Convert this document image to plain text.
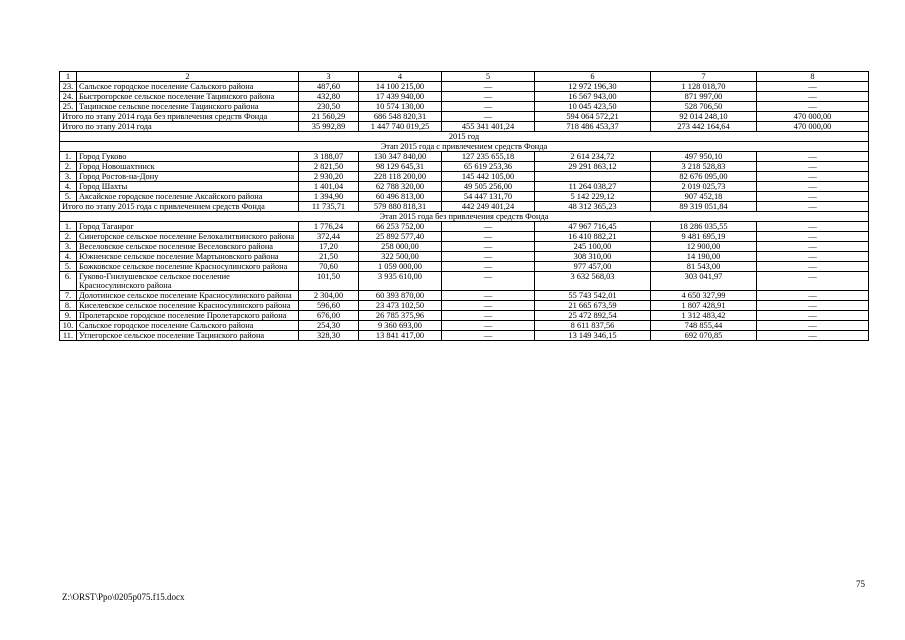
1	2	3	4	5	6	7	8
23.	Сальское городское поселение Сальского района	487,60	14 100 215,00	—	12 972 196,30	1 128 018,70	—
24.	Быстрогорское сельское поселение Тацинского района	432,80	17 439 940,00	—	16 567 943,00	871 997,00	—
25.	Тацинское сельское поселение Тацинского района	230,50	10 574 130,00	—	10 045 423,50	528 706,50	—
Итого по этапу 2014 года без привлечения средств Фонда		21 560,29	686 548 820,31	—	594 064 572,21	92 014 248,10	470 000,00
Итого по этапу 2014 года		35 992,89	1 447 740 019,25	455 341 401,24	718 486 453,37	273 442 164,64	470 000,00
2015 год							
Этап 2015 года с привлечением средств Фонда							
1.	Город Гуково	3 188,07	130 347 840,00	127 235 655,18	2 614 234,72	497 950,10	—
2.	Город Новошахтинск	2 821,50	98 129 645,31	65 619 253,36	29 291 863,12	3 218 528,83	—
3.	Город Ростов-на-Дону	2 930,20	228 118 200,00	145 442 105,00		82 676 095,00	—
4.	Город Шахты	1 401,04	62 788 320,00	49 505 256,00	11 264 038,27	2 019 025,73	—
5.	Аксайское городское поселение Аксайского района	1 394,90	60 496 813,00	54 447 131,70	5 142 229,12	907 452,18	—
Итого по этапу 2015 года с привлечением средств Фонда		11 735,71	579 880 818,31	442 249 401,24	48 312 365,23	89 319 051,84	—
Этап 2015 года без привлечения средств Фонда							
1.	Город Таганрог	1 776,24	66 253 752,00	—	47 967 716,45	18 286 035,55	—
2.	Синегорское сельское поселение Белокалитвинского района	372,44	25 892 577,40	—	16 410 882,21	9 481 695,19	—
3.	Веселовское сельское поселение Веселовского района	17,20	258 000,00	—	245 100,00	12 900,00	—
4.	Южненское сельское поселение Мартыновского района	21,50	322 500,00	—	308 310,00	14 190,00	—
5.	Божковское сельское поселение Красносулинского района	70,60	1 059 000,00	—	977 457,00	81 543,00	—
6.	Гуково-Гнилушевское сельское поселение Красносулинского района	101,50	3 935 610,00	—	3 632 568,03	303 041,97	—
7.	Долотинское сельское поселение Красносулинского района	2 304,00	60 393 870,00	—	55 743 542,01	4 650 327,99	—
8.	Киселевское сельское поселение Красносулинского района	596,60	23 473 102,50	—	21 665 673,59	1 807 428,91	—
9.	Пролетарское городское поселение Пролетарского района	676,00	26 785 375,96	—	25 472 892,54	1 312 483,42	—
10.	Сальское городское поселение Сальского района	254,30	9 360 693,00	—	8 611 837,56	748 855,44	—
11.	Углегорское сельское поселение Тацинского района	328,30	13 841 417,00	—	13 149 346,15	692 070,85	—
75
Z:\ORST\Ppo\0205p075.f15.docx
